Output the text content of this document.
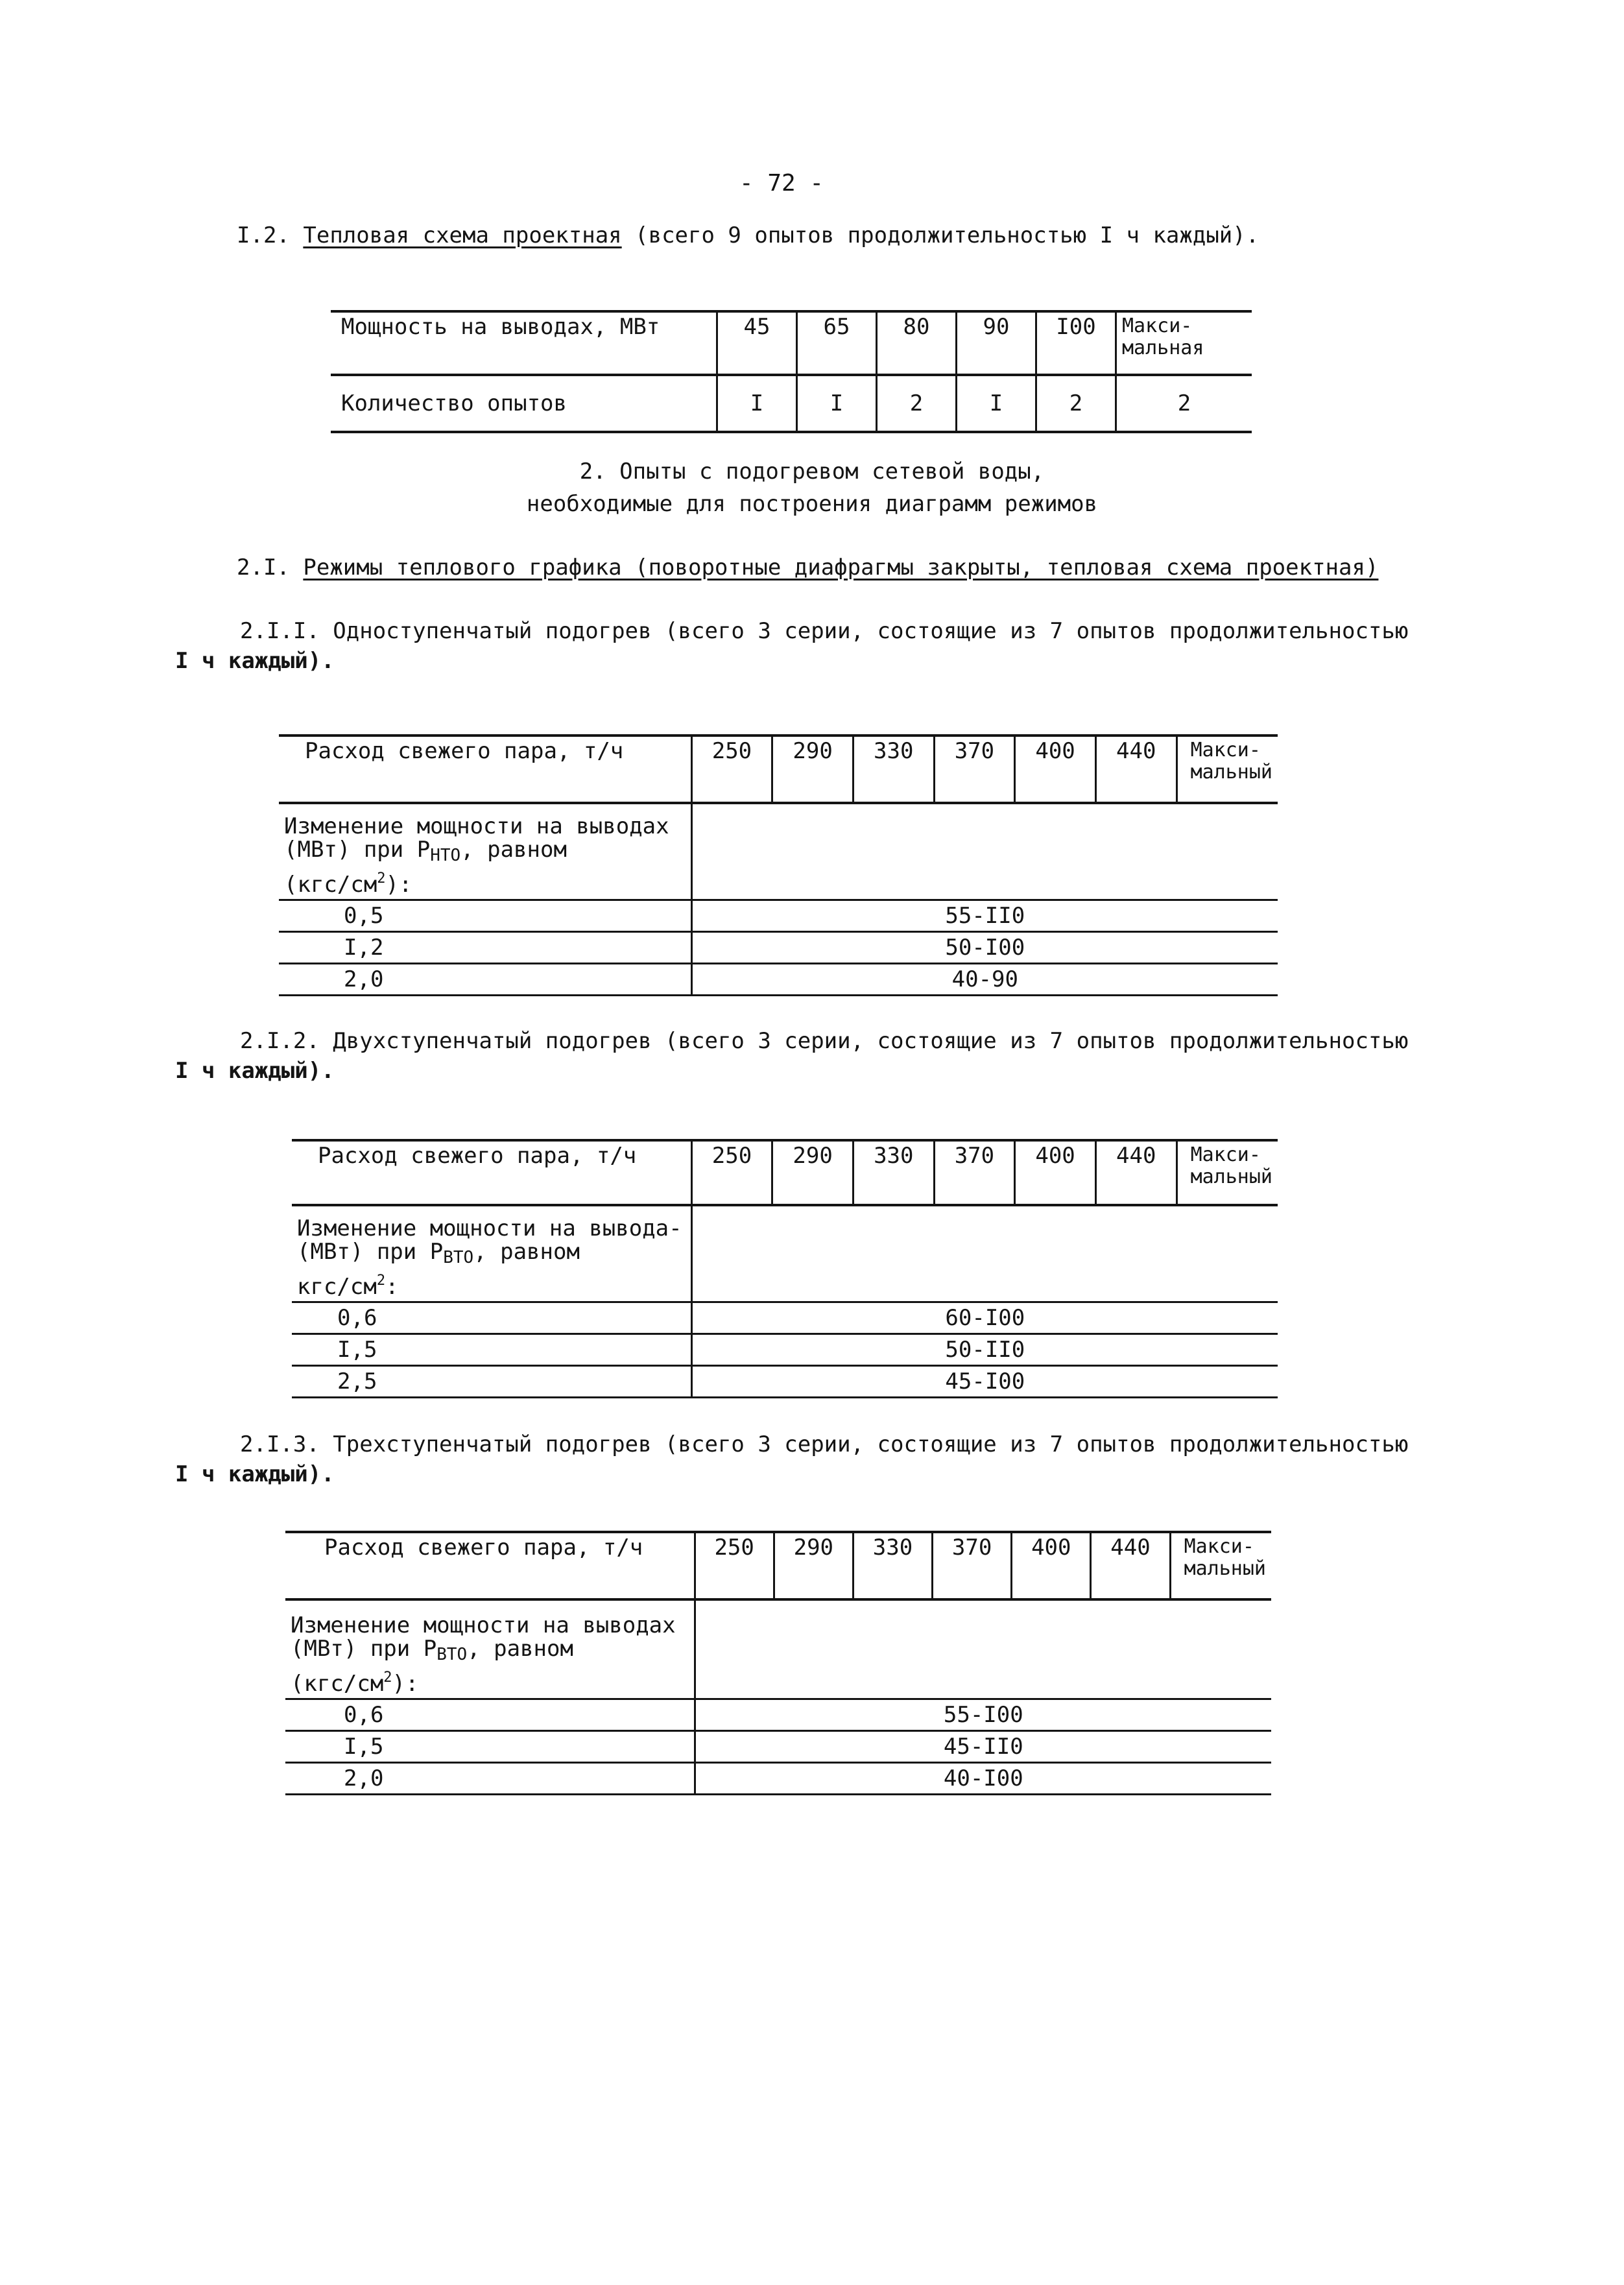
- 72 -
I.2. Тепловая схема проектная (всего 9 опытов продолжительностью I ч каждый).
Мощность на выводах, МВт	45	65	80	90	I00	Макси-
мальная
Количество опытов	I	I	2	I	2	2
2. Опыты с подогревом сетевой воды,
необходимые для построения диаграмм режимов
2.I. Режимы теплового графика (поворотные диафрагмы закрыты, тепловая схема проектная)
2.I.I. Одноступенчатый подогрев (всего 3 серии, состоящие из 7 опытов продолжительностью
I ч каждый).
Расход свежего пара, т/ч	250	290	330	370	400	440	Макси-
мальный

Изменение мощности на выводах
(МВт) при $P_{НТО}$, равном
$(кгс/см^2)$:							

0,5	55-II0						
I,2	50-I00						
2,0	40-90						
2.I.2. Двухступенчатый подогрев (всего 3 серии, состоящие из 7 опытов продолжительностью
I ч каждый).
Расход свежего пара, т/ч	250	290	330	370	400	440	Макси-
мальный

Изменение мощности на вывода-
(МВт) при $P_{ВТО}$, равном
кгс/$см^2$:							

0,6	60-I00						
I,5	50-II0						
2,5	45-I00						
2.I.3. Трехступенчатый подогрев (всего 3 серии, состоящие из 7 опытов продолжительностью
I ч каждый).
Расход свежего пара, т/ч	250	290	330	370	400	440	Макси-
мальный

Изменение мощности на выводах
(МВт) при $P_{ВТО}$, равном
$(кгс/см^2)$:							

0,6	55-I00						
I,5	45-II0						
2,0	40-I00						
